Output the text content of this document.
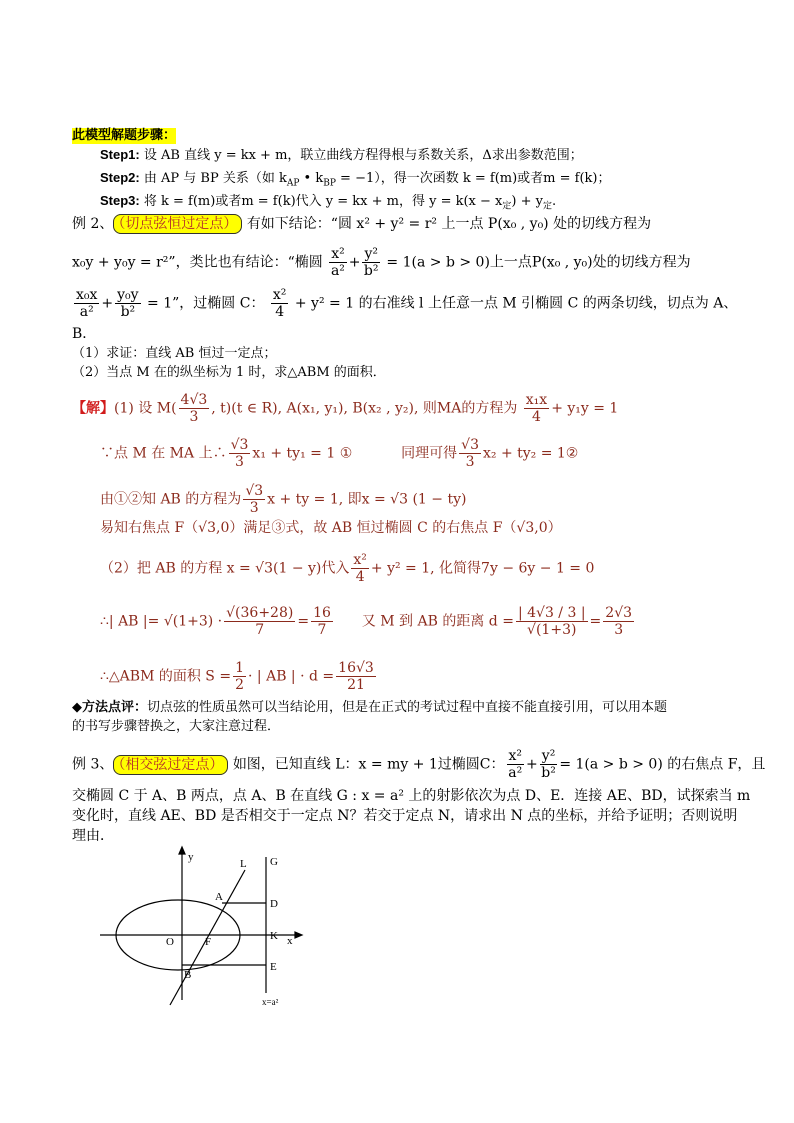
此模型解题步骤：
Step1: 设 AB 直线 y = kx + m，联立曲线方程得根与系数关系，Δ求出参数范围；
Step2: 由 AP 与 BP 关系（如 $k_{AP}$ • $k_{BP} = -1$），得一次函数 k = f(m)或者m = f(k)；
Step3: 将 k = f(m)或者m = f(k)代入 y = kx + m，得 $y = k(x - x_定) + y_定$.
例 2、 （切点弦恒过定点） 有如下结论：“圆 x² + y² = r² 上一点 P(x₀ , y₀) 处的切线方程为
x₀y + y₀y = r²”，类比也有结论：“椭圆 $\frac{\text{x²}}{\text{a²}} + \frac{\text{y²}}{\text{b²}} = 1(a > b > 0)$上一点P(x₀ , y₀)处的切线方程为
$\frac{\text{x₀x}}{\text{a²}} + \frac{\text{y₀y}}{\text{b²}} = 1$”，过椭圆 C： $\frac{\text{x²}}{4} + y^2 = 1$ 的右准线 l 上任意一点 M 引椭圆 C 的两条切线，切点为 A、
B．
（1）求证：直线 AB 恒过一定点；
（2）当点 M 在的纵坐标为 1 时，求△ABM 的面积．
【解】(1) 设 $M( \frac{4√3}{3}$ , t)(t ∈ R), A(x₁, y₁), B(x₂ , y₂), 则MA的方程为 $\frac{\text{x₁x}}{4} + y_1y = 1$
∵点 M 在 MA 上∴ $\frac{√3}{3} x_1 + ty_1 = 1$ ①	同理可得 $\frac{√3}{3} x_2 + ty_2$ = 1②
由①②知 AB 的方程为 $\frac{√3}{3}$ x + ty = 1, 即x = √3 (1 − ty)
易知右焦点 F（√3,0）满足③式，故 AB 恒过椭圆 C 的右焦点 F（√3,0）
（2）把 AB 的方程 x = √3(1 − y)代入 $\frac{\text{x²}}{4} + y^2 = 1$, 化简得7y − 6y − 1 = 0
∴| AB |= $√(1+3) \cdot \frac{√(36+28)}{7} = \frac{16}{7}$ 又 M 到 AB 的距离 $d = \frac{| 4√3 / 3 |}{√(1+3)} = \frac{2√3}{3}$
∴△ABM 的面积 $S = \frac{1}{2}$ · | AB | · $d = \frac{16√3}{21}$
◆方法点评：切点弦的性质虽然可以当结论用，但是在正式的考试过程中直接不能直接引用，可以用本题
的书写步骤替换之，大家注意过程．
例 3、 （相交弦过定点） 如图，已知直线 L：x = my + 1过椭圆C： $\frac{\text{x²}}{\text{a²}} + \frac{\text{y²}}{\text{b²}} = 1(a > b > 0)$ 的右焦点 F，且
交椭圆 C 于 A、B 两点，点 A、B 在直线 G : x = a² 上的射影依次为点 D、E．连接 AE、BD，试探索当 m
变化时，直线 AE、BD 是否相交于一定点 N？若交于定点 N，请求出 N 点的坐标，并给予证明；否则说明
理由．
y
L G
A
D
O	F	K x
B
E
x=a²
